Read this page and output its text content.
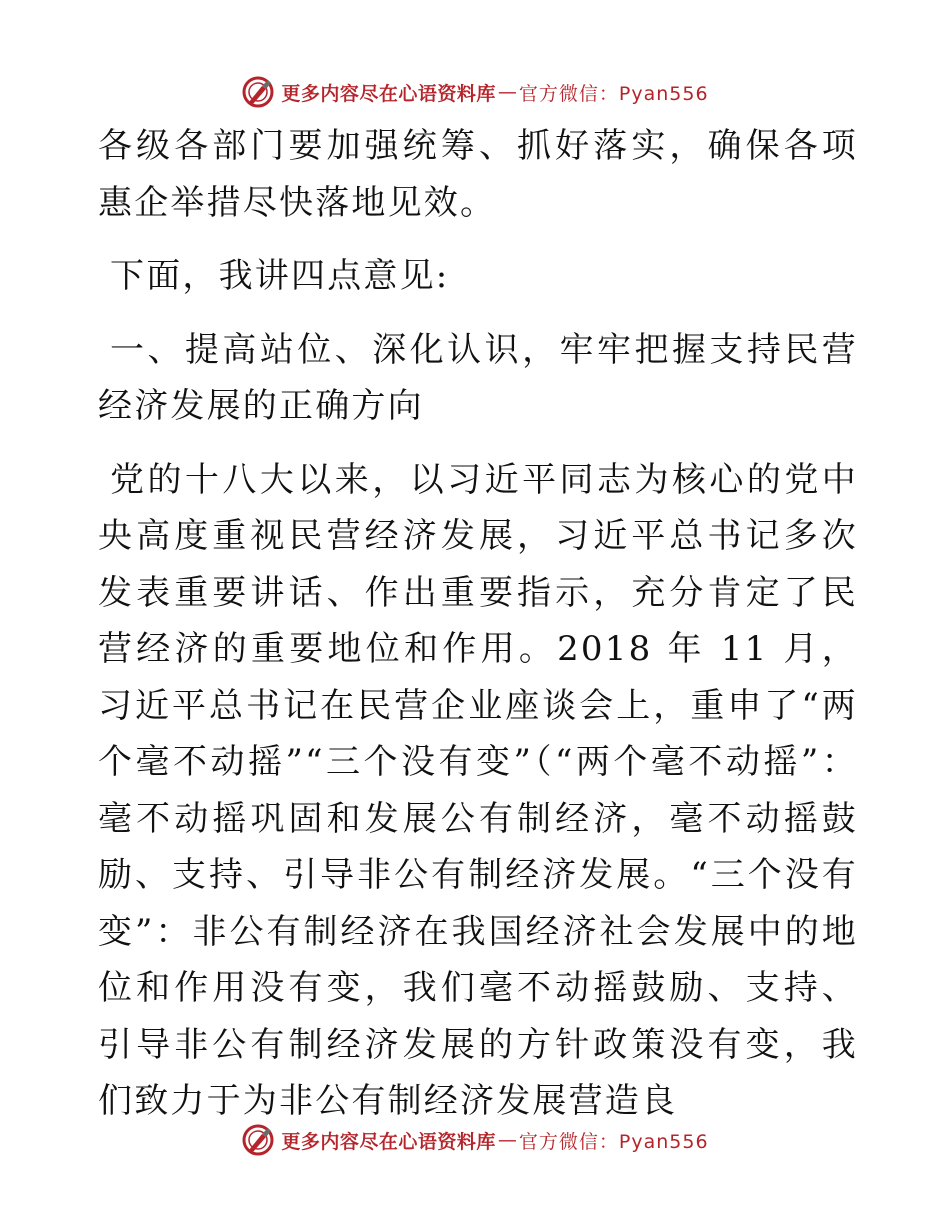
更多内容尽在心语资料库 — 官方微信：Pyan556

各级各部门要加强统筹、抓好落实，确保各项惠企举措尽快落地见效。

下面，我讲四点意见:

一、提高站位、深化认识，牢牢把握支持民营经济发展的正确方向

党的十八大以来，以习近平同志为核心的党中央高度重视民营经济发展，习近平总书记多次发表重要讲话、作出重要指示，充分肯定了民营经济的重要地位和作用。2018 年 11 月，习近平总书记在民营企业座谈会上，重申了“两个毫不动摇”“三个没有变”（“两个毫不动摇”：毫不动摇巩固和发展公有制经济，毫不动摇鼓励、支持、引导非公有制经济发展。“三个没有变”：非公有制经济在我国经济社会发展中的地位和作用没有变，我们毫不动摇鼓励、支持、引导非公有制经济发展的方针政策没有变，我们致力于为非公有制经济发展营造良

更多内容尽在心语资料库 — 官方微信：Pyan556
